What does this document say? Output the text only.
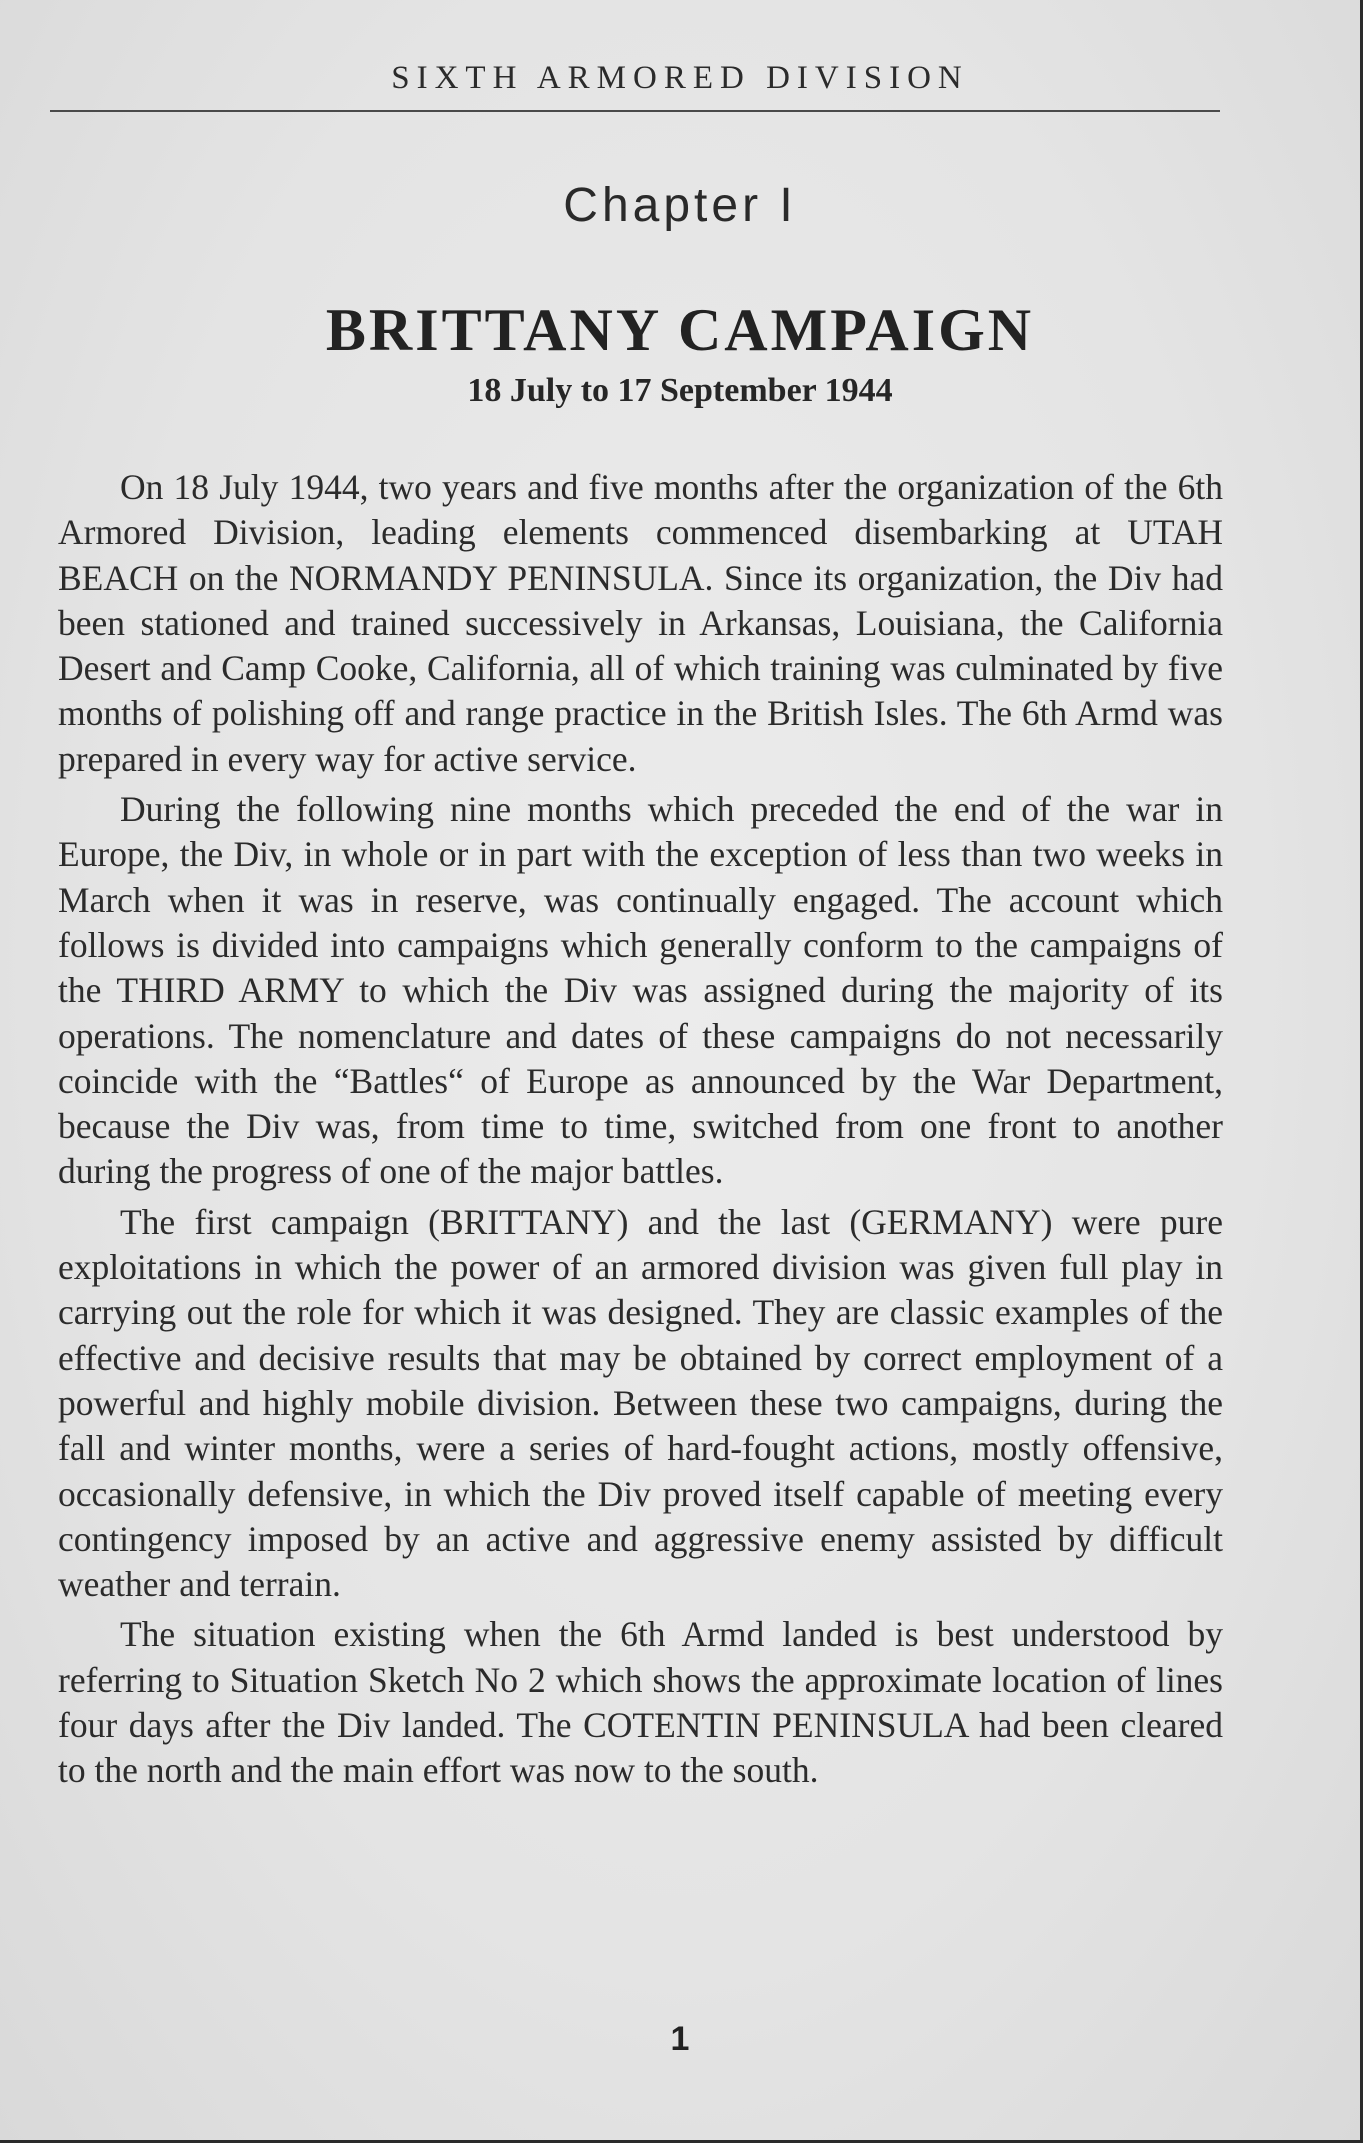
SIXTH ARMORED DIVISION
Chapter I
BRITTANY CAMPAIGN
18 July to 17 September 1944

On 18 July 1944, two years and five months after the organization of the 6th Armored Division, leading elements commenced disembarking at UTAH BEACH on the NORMANDY PENINSULA. Since its organization, the Div had been stationed and trained successively in Arkansas, Louisiana, the California Desert and Camp Cooke, California, all of which training was culminated by five months of polishing off and range practice in the British Isles. The 6th Armd was prepared in every way for active service.

During the following nine months which preceded the end of the war in Europe, the Div, in whole or in part with the exception of less than two weeks in March when it was in reserve, was continually engaged. The account which follows is divided into campaigns which generally conform to the campaigns of the THIRD ARMY to which the Div was assigned during the majority of its operations. The nomenclature and dates of these campaigns do not necessarily coincide with the “Battles“ of Europe as announced by the War Department, because the Div was, from time to time, switched from one front to another during the progress of one of the major battles.

The first campaign (BRITTANY) and the last (GERMANY) were pure exploitations in which the power of an armored division was given full play in carrying out the role for which it was designed. They are classic examples of the effective and decisive results that may be obtained by correct employment of a powerful and highly mobile division. Between these two campaigns, during the fall and winter months, were a series of hard-fought actions, mostly offensive, occasionally defensive, in which the Div proved itself capable of meeting every contingency imposed by an active and aggressive enemy assisted by difficult weather and terrain.

The situation existing when the 6th Armd landed is best understood by referring to Situation Sketch No 2 which shows the approximate location of lines four days after the Div landed. The COTENTIN PENINSULA had been cleared to the north and the main effort was now to the south.

1
